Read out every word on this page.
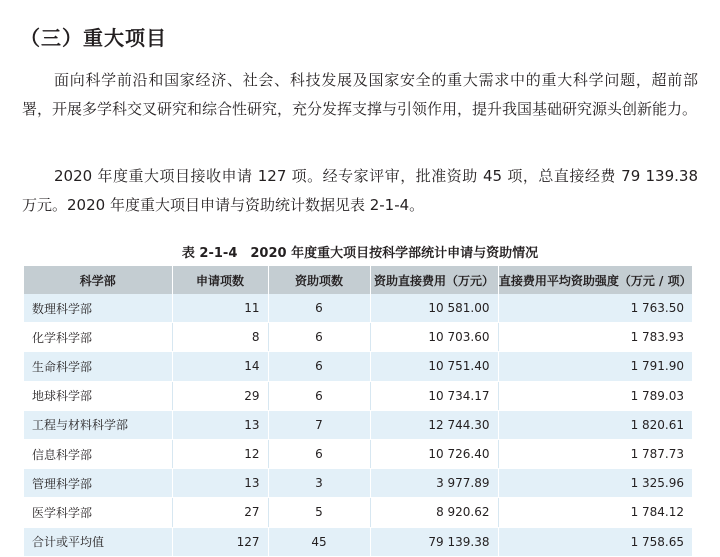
（三）重大项目

面向科学前沿和国家经济、社会、科技发展及国家安全的重大需求中的重大科学问题，超前部署，开展多学科交叉研究和综合性研究，充分发挥支撑与引领作用，提升我国基础研究源头创新能力。

2020 年度重大项目接收申请 127 项。经专家评审，批准资助 45 项，总直接经费 79 139.38 万元。2020 年度重大项目申请与资助统计数据见表 2-1-4。

表 2-1-4　2020 年度重大项目按科学部统计申请与资助情况
科学部	申请项数	资助项数	资助直接费用（万元）	直接费用平均资助强度（万元 / 项）
数理科学部	11	6	10 581.00	1 763.50
化学科学部	8	6	10 703.60	1 783.93
生命科学部	14	6	10 751.40	1 791.90
地球科学部	29	6	10 734.17	1 789.03
工程与材料科学部	13	7	12 744.30	1 820.61
信息科学部	12	6	10 726.40	1 787.73
管理科学部	13	3	3 977.89	1 325.96
医学科学部	27	5	8 920.62	1 784.12
合计或平均值	127	45	79 139.38	1 758.65
